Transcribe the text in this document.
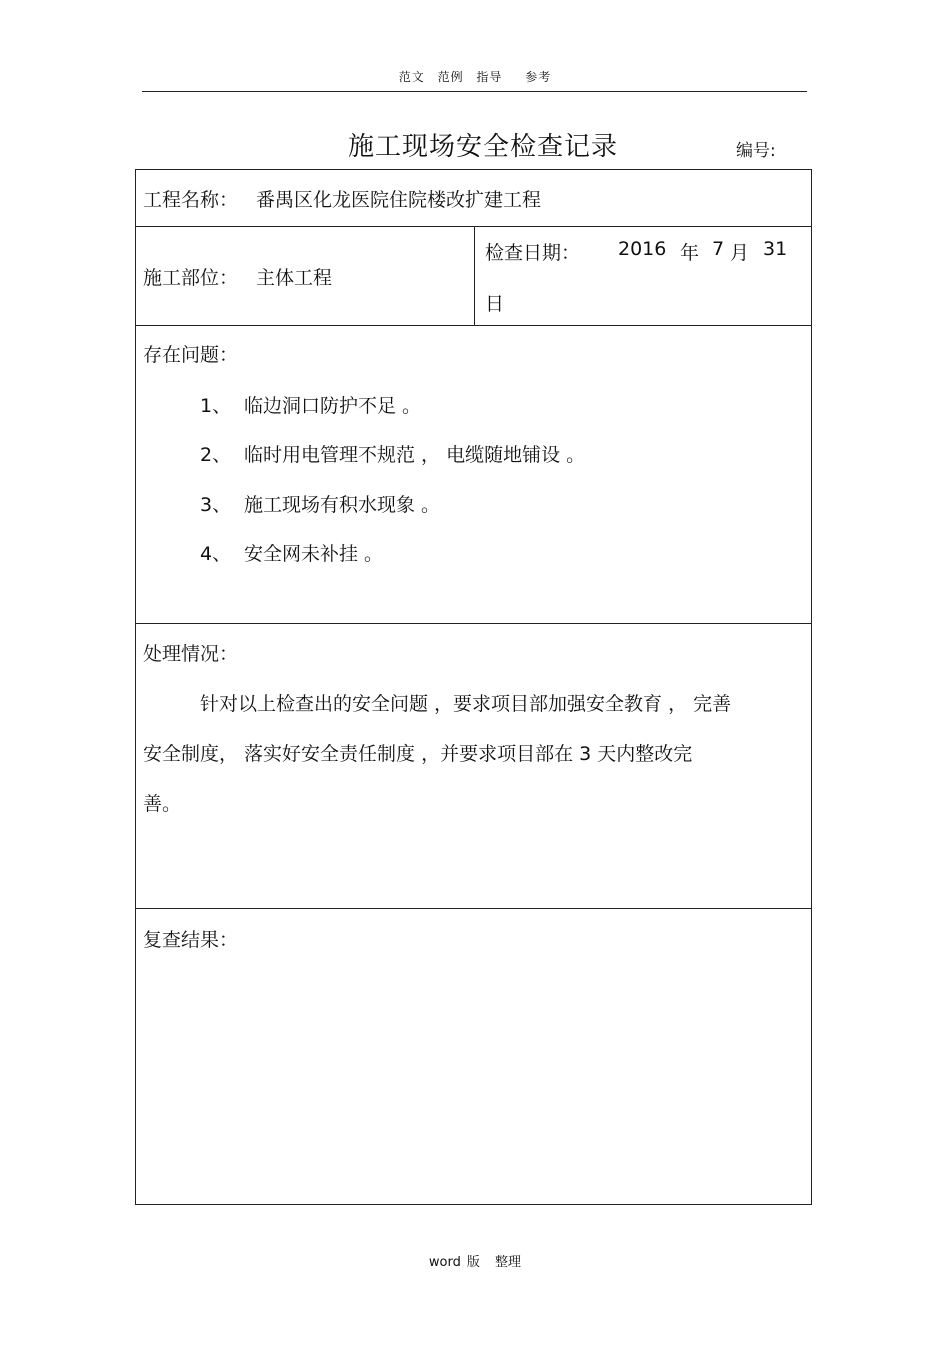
范文 范例 指导 参考
施工现场安全检查记录	编号:
工程名称： 番禺区化龙医院住院楼改扩建工程
施工部位： 主体工程
检查日期： 2016 年 7 月 31
日
存在问题：
1、 临边洞口防护不足 。
2、 临时用电管理不规范 ， 电缆随地铺设 。
3、 施工现场有积水现象 。
4、 安全网未补挂 。
处理情况：
针对以上检查出的安全问题 ，要求项目部加强安全教育 ， 完善
安全制度， 落实好安全责任制度 ，并要求项目部在 3 天内整改完
善。
复查结果：
word 版 整理
